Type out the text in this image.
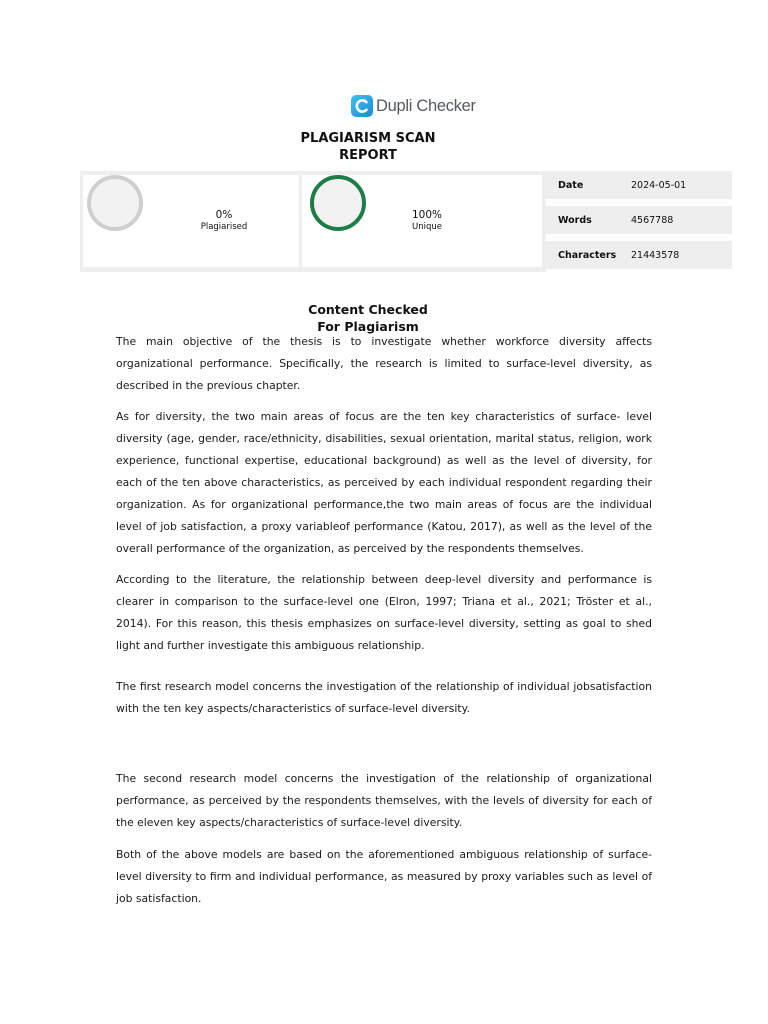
Dupli Checker
PLAGIARISM SCAN
REPORT
0%
Plagiarised
100%
Unique
Date	2024-05-01
Words	4567788
Characters	21443578
Content Checked
For Plagiarism

The main objective of the thesis is to investigate whether workforce diversity affects organizational performance. Specifically, the research is limited to surface-level diversity, as described in the previous chapter.

As for diversity, the two main areas of focus are the ten key characteristics of surface- level diversity (age, gender, race/ethnicity, disabilities, sexual orientation, marital status, religion, work experience, functional expertise, educational background) as well as the level of diversity, for each of the ten above characteristics, as perceived by each individual respondent regarding their organization. As for organizational performance,the two main areas of focus are the individual level of job satisfaction, a proxy variableof performance (Katou, 2017), as well as the level of the overall performance of the organization, as perceived by the respondents themselves.

According to the literature, the relationship between deep-level diversity and performance is clearer in comparison to the surface-level one (Elron, 1997; Triana et al., 2021; Tröster et al., 2014). For this reason, this thesis emphasizes on surface-level diversity, setting as goal to shed light and further investigate this ambiguous relationship.

The first research model concerns the investigation of the relationship of individual jobsatisfaction with the ten key aspects/characteristics of surface-level diversity.

The second research model concerns the investigation of the relationship of organizational performance, as perceived by the respondents themselves, with the levels of diversity for each of the eleven key aspects/characteristics of surface-level diversity.

Both of the above models are based on the aforementioned ambiguous relationship of surface-level diversity to firm and individual performance, as measured by proxy variables such as level of job satisfaction.
